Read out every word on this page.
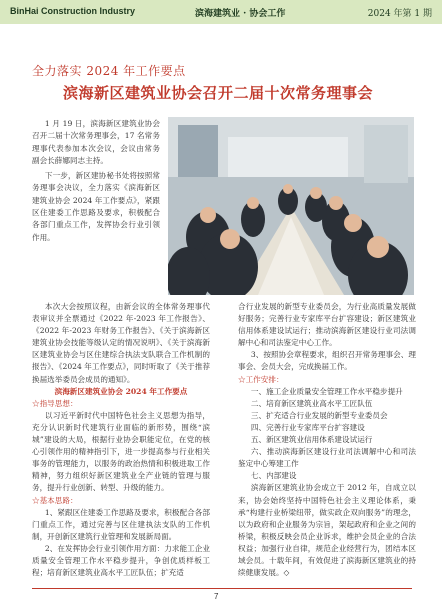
BinHai Construction Industry	滨海建筑业 · 协会工作	2024 年第 1 期
全力落实 2024 年工作要点
滨海新区建筑业协会召开二届十次常务理事会

1 月 19 日，滨海新区建筑业协会召开二届十次常务理事会，17 名常务理事代表参加本次会议，会议由常务副会长薛娜同志主持。

下一步，新区建协秘书处将按照常务理事会决议，全力落实《滨海新区建筑业协会 2024 年工作要点》，紧跟区住建委工作思路及要求，积极配合各部门重点工作，发挥协会行业引领作用。

本次大会按照议程，由新会议的全体常务理事代表审议并全票通过《2022 年-2023 年工作报告》、《2022 年-2023 年财务工作报告》、《关于滨海新区建筑业协会技能等级认定的情况说明》、《关于滨海新区建筑业协会与区住建综合执法支队联合工作机制的报告》、《2024 年工作要点》，同时听取了《关于推荐换届选举委员会成员的通知》。

滨海新区建筑业协会 2024 年工作要点

☆指导思想：

以习近平新时代中国特色社会主义思想为指导，充分认识新时代建筑行业面临的新形势，围绕“滨城”建设的大局，根据行业协会职能定位，在党的核心引领作用的精神指引下，进一步提高参与行业相关事务的管理能力，以服务的政治热情和积极进取工作精神，努力组织好新区建筑业全产业链的管理与服务，提升行业创新、转型、升级的能力。

☆基本思路：

1、紧跟区住建委工作思路及要求，积极配合各部门重点工作，通过完善与区住建执法支队的工作机制，开创新区建筑行业管理和发展新局面。

2、在发挥协会行业引领作用方面：力求能工企业质量安全管理工作水平稳步提升，争创优质样板工程；培育新区建筑业高水平工匠队伍；扩充适

合行业发展的新型专业委员会，为行业高质量发展做好服务；完善行业专家库平台扩容建设；新区建筑业信用体系建设试运行；推动滨海新区建设行业司法调解中心和司法鉴定中心工作。

3、按照协会章程要求，组织召开常务理事会、理事会、会员大会，完成换届工作。

☆工作安排：

一、施工企业质量安全管理工作水平稳步提升

二、培育新区建筑业高水平工匠队伍

三、扩充适合行业发展的新型专业委员会

四、完善行业专家库平台扩容建设

五、新区建筑业信用体系建设试运行

六、推动滨海新区建设行业司法调解中心和司法鉴定中心筹建工作

七、内部建设

滨海新区建筑业协会成立于 2012 年，自成立以来，协会始终坚持中国特色社会主义理论体系，秉承“构建行业桥梁纽带，做实政企双向服务”的理念，以为政府和企业服务为宗旨，架起政府和企业之间的桥梁，积极反映会员企业诉求，维护会员企业的合法权益；加强行业自律，规范企业经营行为，团结本区域会员。十载年间，有效促进了滨海新区建筑业的持续健康发展。◇

7
